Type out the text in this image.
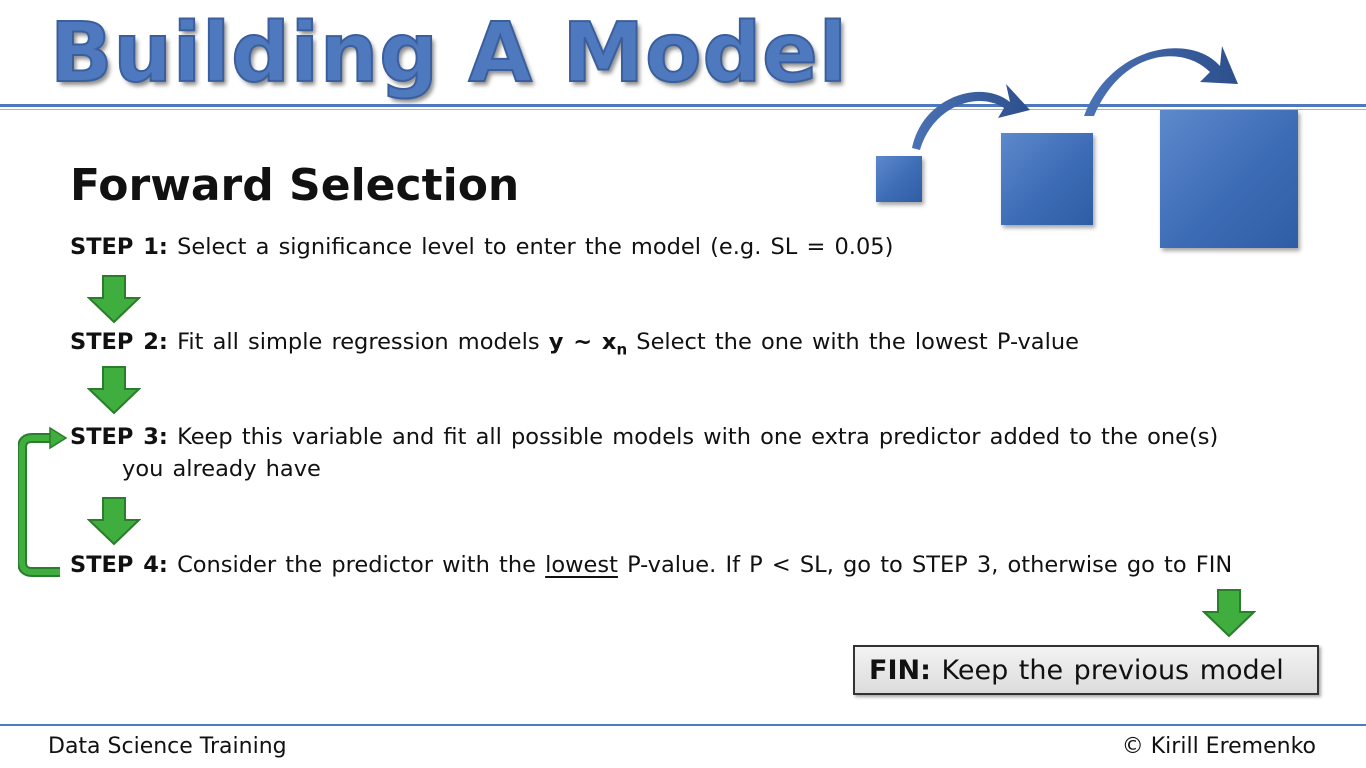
Building A Model
Forward Selection
STEP 1: Select a significance level to enter the model (e.g. SL = 0.05)
STEP 2: Fit all simple regression models y ~ $x_n$ Select the one with the lowest P-value
STEP 3: Keep this variable and fit all possible models with one extra predictor added to the one(s)
you already have
STEP 4: Consider the predictor with the lowest P-value. If P < SL, go to STEP 3, otherwise go to FIN
FIN: Keep the previous model
Data Science Training	© Kirill Eremenko
